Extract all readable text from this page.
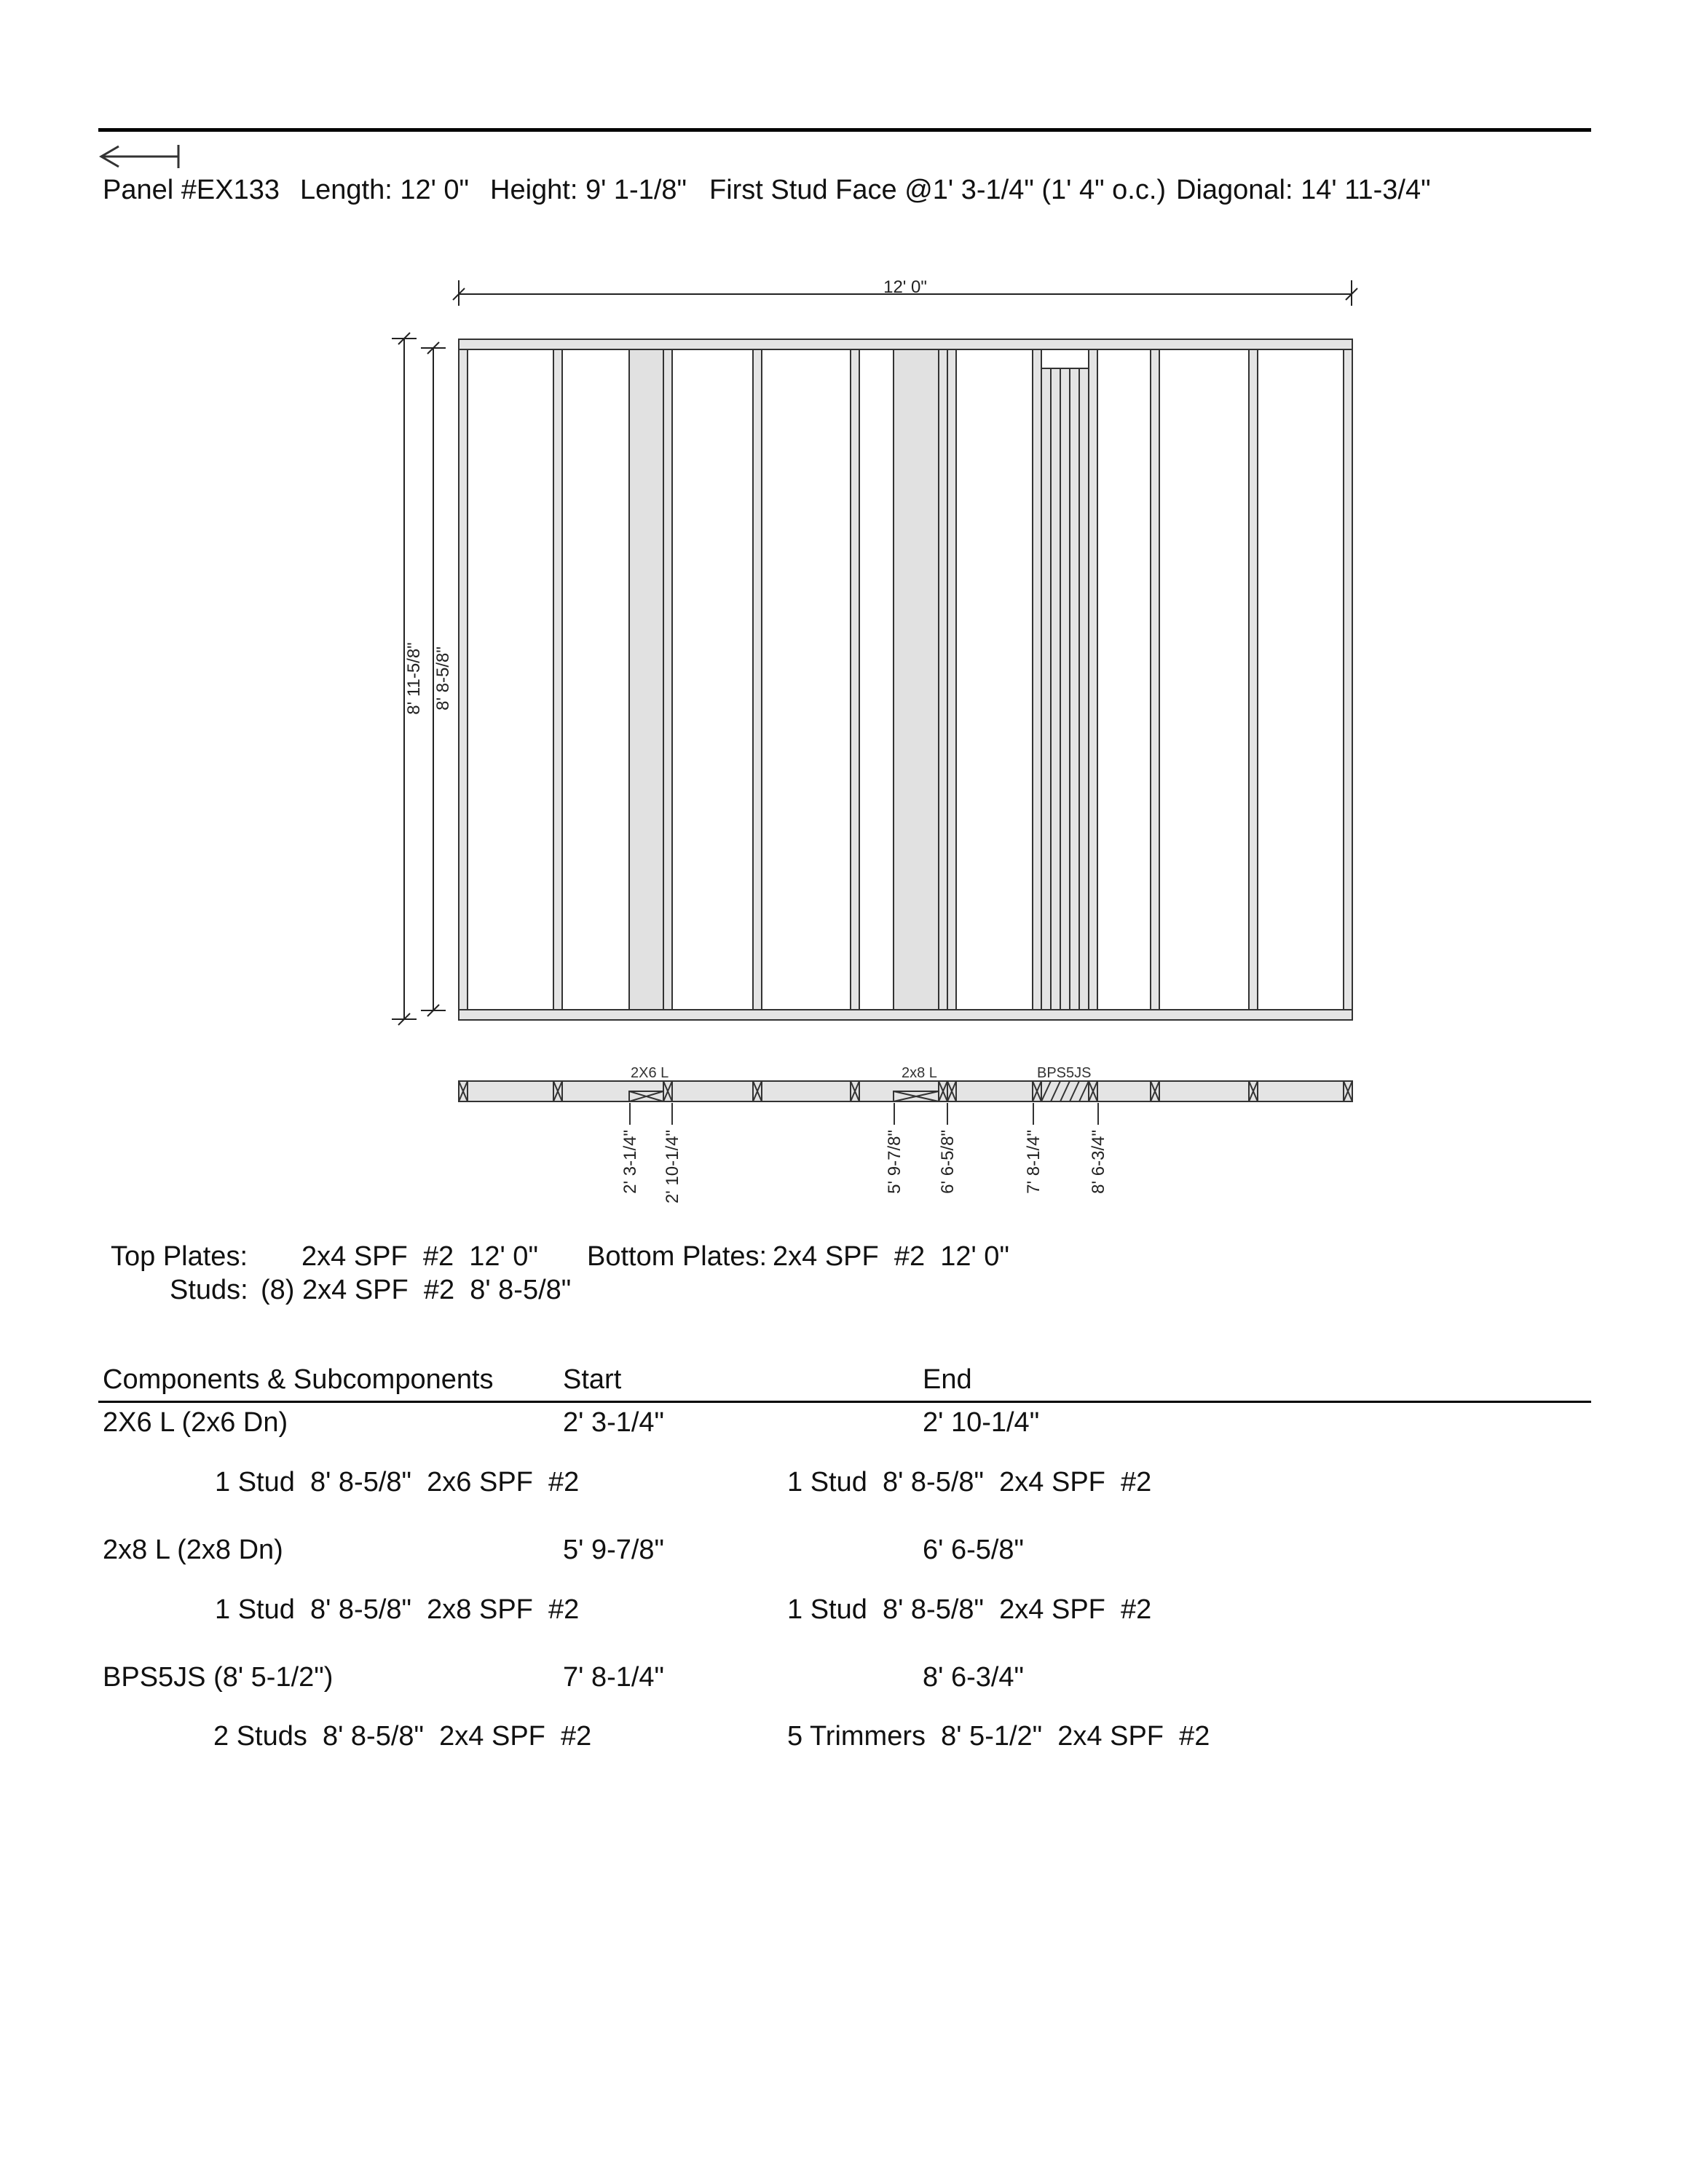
Panel #EX133 Length: 12' 0" Height: 9' 1-1/8" First Stud Face @1' 3-1/4" (1' 4" o.c.) Diagonal: 14' 11-3/4"
12' 0"
8' 11-5/8" 8' 8-5/8"
2X6 L	2x8 L	BPS5JS
2' 3-1/4" 2' 10-1/4"	5' 9-7/8" 6' 6-5/8"	7' 8-1/4"	8' 6-3/4"
Top Plates: 2x4 SPF  #2  12' 0" Bottom Plates: 2x4 SPF  #2  12' 0"
Studs: (8) 2x4 SPF  #2  8' 8-5/8"
Components & Subcomponents	Start	End
2X6 L (2x6 Dn)	2' 3-1/4"	2' 10-1/4"
1 Stud  8' 8-5/8"  2x6 SPF  #2	1 Stud  8' 8-5/8"  2x4 SPF  #2
2x8 L (2x8 Dn)	5' 9-7/8"	6' 6-5/8"
1 Stud  8' 8-5/8"  2x8 SPF  #2	1 Stud  8' 8-5/8"  2x4 SPF  #2
BPS5JS (8' 5-1/2")	7' 8-1/4"	8' 6-3/4"
2 Studs  8' 8-5/8"  2x4 SPF  #2	5 Trimmers  8' 5-1/2"  2x4 SPF  #2
